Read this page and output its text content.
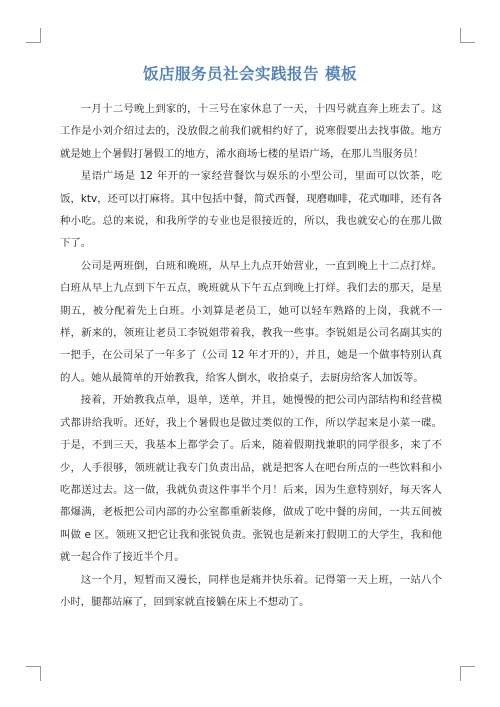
饭店服务员社会实践报告 模板

一月十二号晚上到家的，十三号在家休息了一天，十四号就直奔上班去了。这工作是小刘介绍过去的，没放假之前我们就相约好了，说寒假要出去找事做。地方就是她上个暑假打暑假工的地方，浠水商场七楼的星语广场，在那儿当服务员！

星语广场是 12 年开的一家经营餐饮与娱乐的小型公司，里面可以饮茶，吃饭，ktv，还可以打麻将。其中包括中餐，简式西餐，现磨咖啡，花式咖啡，还有各种小吃。总的来说，和我所学的专业也是很接近的，所以，我也就安心的在那儿做下了。

公司是两班倒，白班和晚班，从早上九点开始营业，一直到晚上十二点打烊。白班从早上九点到下午五点，晚班就从下午五点到晚上打烊。我们去的那天，是星期五，被分配着先上白班。小刘算是老员工，她可以轻车熟路的上岗，我就不一样，新来的，领班让老员工李锐姐带着我，教我一些事。李锐姐是公司名副其实的一把手，在公司呆了一年多了（公司 12 年才开的），并且，她是一个做事特别认真的人。她从最简单的开始教我，给客人倒水，收拾桌子，去厨房给客人加饭等。

接着，开始教我点单，退单，送单，并且，她慢慢的把公司内部结构和经营模式都讲给我听。还好，我上个暑假也是做过类似的工作，所以学起来是小菜一碟。于是，不到三天，我基本上都学会了。后来，随着假期找兼职的同学很多，来了不少，人手很够，领班就让我专门负责出品，就是把客人在吧台所点的一些饮料和小吃都送过去。这一做，我就负责这件事半个月！后来，因为生意特别好，每天客人都爆满，老板把公司内部的办公室都重新装修，做成了吃中餐的房间，一共五间被叫做 e 区。领班又把它让我和张锐负责。张锐也是新来打假期工的大学生，我和他就一起合作了接近半个月。

这一个月，短暂而又漫长，同样也是痛并快乐着。记得第一天上班，一站八个小时，腿都站麻了，回到家就直接躺在床上不想动了。
